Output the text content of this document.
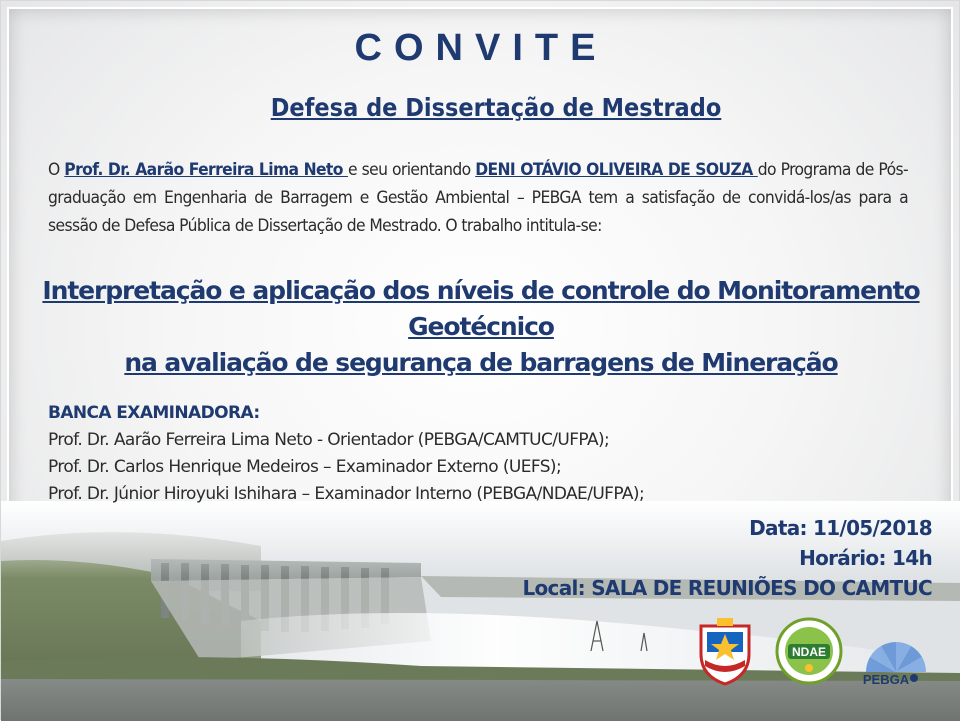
CONVITE
Defesa de Dissertação de Mestrado
O Prof. Dr. Aarão Ferreira Lima Neto e seu orientando DENI OTÁVIO OLIVEIRA DE SOUZA do Programa de Pós-graduação em Engenharia de Barragem e Gestão Ambiental – PEBGA tem a satisfação de convidá-los/as para a sessão de Defesa Pública de Dissertação de Mestrado. O trabalho intitula-se:
Interpretação e aplicação dos níveis de controle do Monitoramento Geotécnico
na avaliação de segurança de barragens de Mineração
BANCA EXAMINADORA:
Prof. Dr. Aarão Ferreira Lima Neto - Orientador (PEBGA/CAMTUC/UFPA);
Prof. Dr. Carlos Henrique Medeiros – Examinador Externo (UEFS);
Prof. Dr. Júnior Hiroyuki Ishihara – Examinador Interno (PEBGA/NDAE/UFPA);
Data: 11/05/2018
Horário: 14h
Local: SALA DE REUNIÕES DO CAMTUC
NDAE
PEBGA
